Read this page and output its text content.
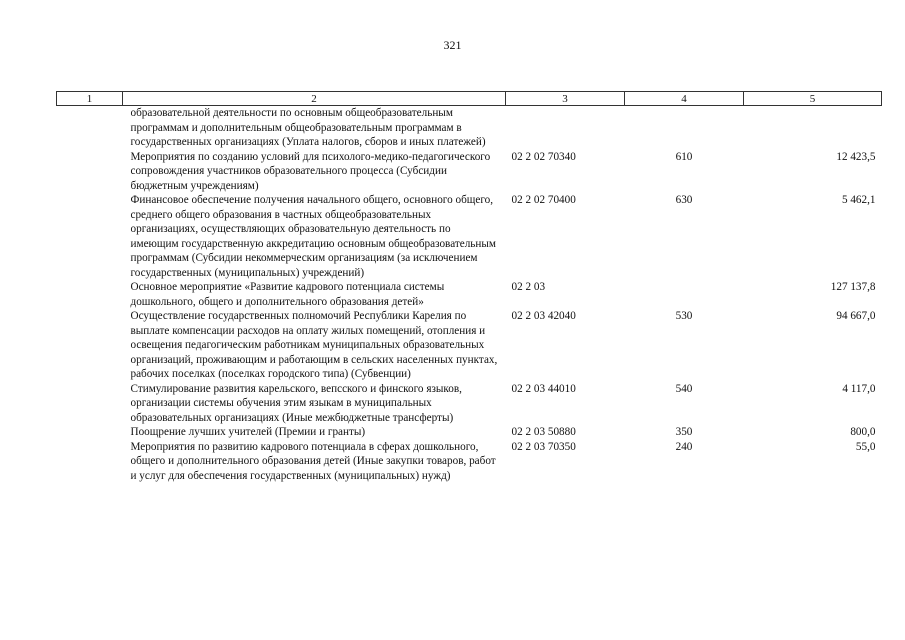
321
1	2	3	4	5
	образовательной деятельности по основным общеобразовательным программам и дополнительным общеобразовательным программам в государственных организациях (Уплата налогов, сборов и иных платежей)			
	Мероприятия по созданию условий для психолого-медико-педагогического сопровождения участников образовательного процесса (Субсидии бюджетным учреждениям)	02 2 02 70340	610	12 423,5
	Финансовое обеспечение получения начального общего, основного общего, среднего общего образования в частных общеобразовательных организациях, осуществляющих образовательную деятельность по имеющим государственную аккредитацию основным общеобразовательным программам (Субсидии некоммерческим организациям (за исключением государственных (муниципальных) учреждений)	02 2 02 70400	630	5 462,1
	Основное мероприятие «Развитие кадрового потенциала системы дошкольного, общего и дополнительного образования детей»	02 2 03		127 137,8
	Осуществление государственных полномочий Республики Карелия по выплате компенсации расходов на оплату жилых помещений, отопления и освещения педагогическим работникам муниципальных образовательных организаций, проживающим и работающим в сельских населенных пунктах, рабочих поселках (поселках городского типа) (Субвенции)	02 2 03 42040	530	94 667,0
	Стимулирование развития карельского, вепсского и финского языков, организации системы обучения этим языкам в муниципальных образовательных организациях (Иные межбюджетные трансферты)	02 2 03 44010	540	4 117,0
	Поощрение лучших учителей (Премии и гранты)	02 2 03 50880	350	800,0
	Мероприятия по развитию кадрового потенциала в сферах дошкольного, общего и дополнительного образования детей (Иные закупки товаров, работ и услуг для обеспечения государственных (муниципальных) нужд)	02 2 03 70350	240	55,0
